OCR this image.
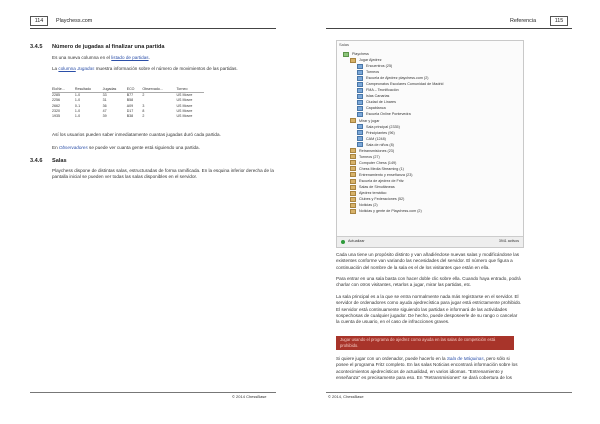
114	Playchess.com
3.4.5 Número de jugadas al finalizar una partida
Es una nueva columna en el listado de partidas.
La columna Jugadas muestra información sobre el número de movimientos de las partidas.
EloNe...	Resultado	Jugadas	ECO	Observado...	Torneo
2285	1-0	33	B77	2	US Movre
2256	1-0	31	B58		US Movre
2662	0-1	36	A09	3	US Movre
2320	1-0	47	D17	8	US Movre
1935	1-0	39	B38	2	US Movre
Así los usuarios pueden saber inmediatamente cuantas jugadas duró cada partida.
En Observadores se puede ver cuanta gente está siguiendo una partida.
3.4.6 Salas
Playchess dispone de distintas salas, estructuradas de forma ramificada. En la esquina inferior derecha de la pantalla inicial se pueden ver todas las salas disponibles en el servidor.
© 2014 ChessBase
Referencia	115
© 2014, ChessBase
Salas
Playchess
Jugar Ajedrez
Encuentros (25)
Torneos
Escuela de Ajedrez playchess.com (2)
Campeonatos Escolares Comunidad de Madrid
FMA – Tecnificación
Islas Canarias
Ciudad de Linares
Capablanca
Escuela Online Pontevedra
Mirar y jugar
Sala principal (2335)
Principiantes (96)
CAM (1248)
Sala de niños (8)
Retransmisiones (23)
Torneos (27)
Computer Chess (149)
Chess Media Streaming (1)
Entrenamiento y enseñanza (23)
Escuela de ajedrez de Fritz
Salas de Simultáneas
Ajedrez temático
Clubes y Federaciones (52)
Noticias (2)
Noticias y gente de Playchess.com (2)
Actualizar	3941 activos
Cada una tiene un propósito distinto y van añadiéndose nuevas salas y modificándose las existentes conforme van variando las necesidades del servidor. El número que figura a continuación del nombre de la sala es el de los visitantes que están en ella.
Para entrar en una sala basta con hacer doble clic sobre ella. Cuando haya entrado, podrá charlar con otros visitantes, retarlos a jugar, mirar las partidas, etc.
La sala principal es a la que se entra normalmente nada más registrarse en el servidor. El servidor de ordenadores como ayuda ajedrecística para jugar está estrictamente prohibido. El servidor está continuamente siguiendo las partidas e informará de las actividades sospechosas de cualquier jugador. De hecho, puede desposeerle de su rango o cancelar la cuenta de usuario, en el caso de infracciones graves.
Jugar usando el programa de ajedrez como ayuda en las salas de competición está prohibido.
Si quiere jugar con un ordenador, puede hacerlo en la Sala de Máquinas, pero sólo si posee el programa Fritz completo. En las salas Noticias encontrará información sobre los acontecimientos ajedrecísticos de actualidad, en varios idiomas. "Entrenamiento y enseñanza" es precisamente para eso. En "Retransmisiones" se dará cobertura de los
